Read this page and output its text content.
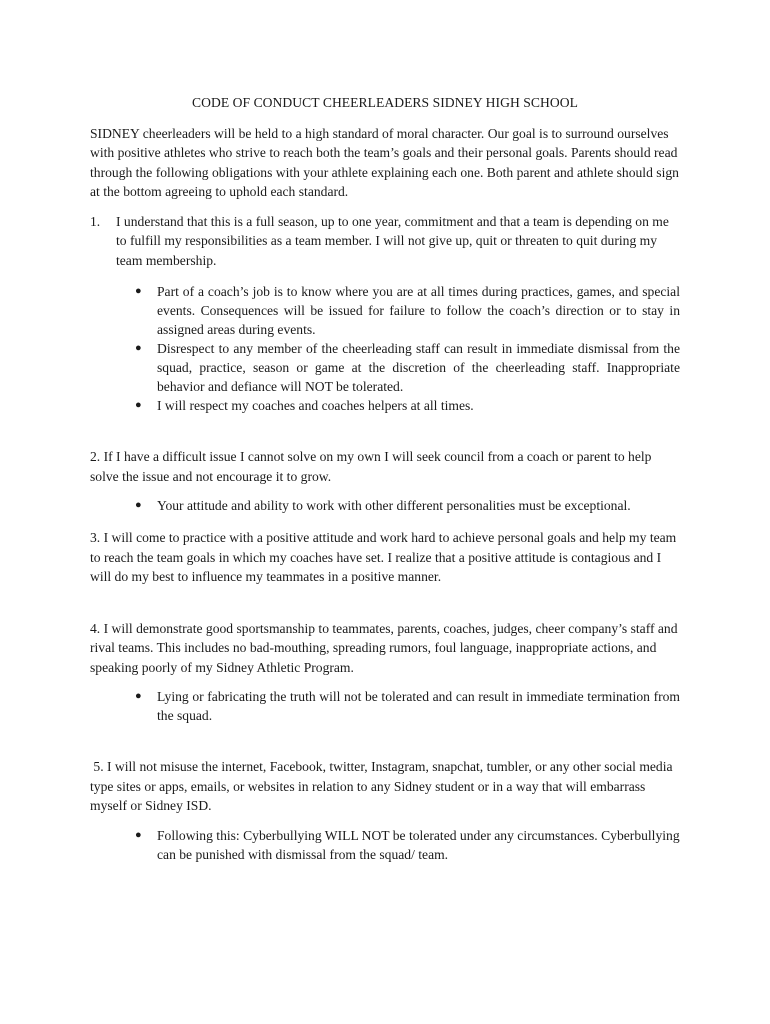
CODE OF CONDUCT CHEERLEADERS SIDNEY HIGH SCHOOL

SIDNEY cheerleaders will be held to a high standard of moral character. Our goal is to surround ourselves with positive athletes who strive to reach both the team’s goals and their personal goals. Parents should read through the following obligations with your athlete explaining each one. Both parent and athlete should sign at the bottom agreeing to uphold each standard.

1.	I understand that this is a full season, up to one year, commitment and that a team is depending on me to fulfill my responsibilities as a team member. I will not give up, quit or threaten to quit during my team membership.
●	Part of a coach’s job is to know where you are at all times during practices, games, and special events. Consequences will be issued for failure to follow the coach’s direction or to stay in assigned areas during events.
●	Disrespect to any member of the cheerleading staff can result in immediate dismissal from the squad, practice, season or game at the discretion of the cheerleading staff. Inappropriate behavior and defiance will NOT be tolerated.
●	I will respect my coaches and coaches helpers at all times.

2. If I have a difficult issue I cannot solve on my own I will seek council from a coach or parent to help solve the issue and not encourage it to grow.

●	Your attitude and ability to work with other different personalities must be exceptional.

3. I will come to practice with a positive attitude and work hard to achieve personal goals and help my team to reach the team goals in which my coaches have set. I realize that a positive attitude is contagious and I will do my best to influence my teammates in a positive manner.

4. I will demonstrate good sportsmanship to teammates, parents, coaches, judges, cheer company’s staff and rival teams. This includes no bad-mouthing, spreading rumors, foul language, inappropriate actions, and speaking poorly of my Sidney Athletic Program.

●	Lying or fabricating the truth will not be tolerated and can result in immediate termination from the squad.

5. I will not misuse the internet, Facebook, twitter, Instagram, snapchat, tumbler, or any other social media type sites or apps, emails, or websites in relation to any Sidney student or in a way that will embarrass myself or Sidney ISD.

●	Following this: Cyberbullying WILL NOT be tolerated under any circumstances. Cyberbullying can be punished with dismissal from the squad/ team.
